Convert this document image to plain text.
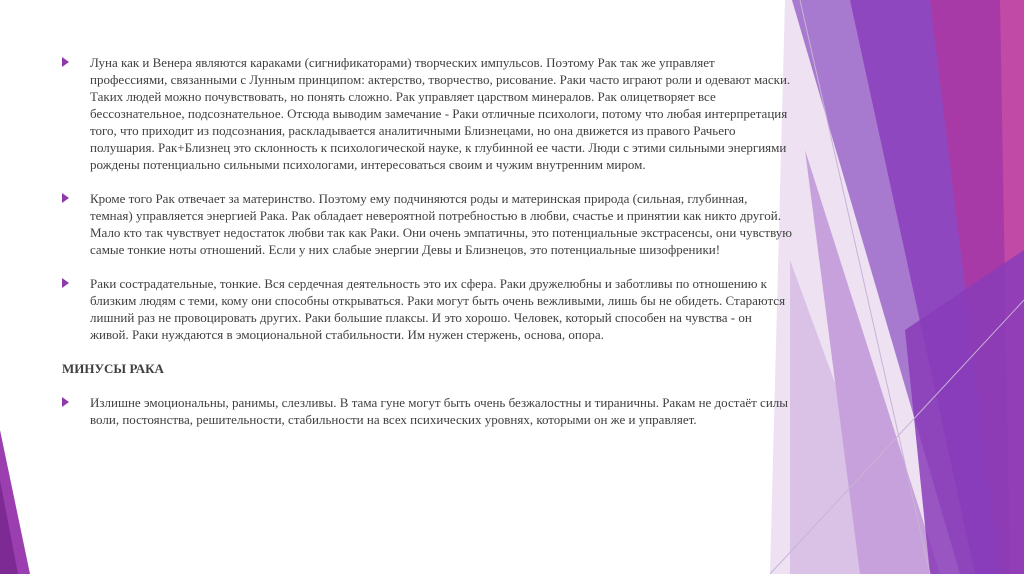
Луна как и Венера являются караками (сигнификаторами) творческих импульсов. Поэтому Рак так же управляет профессиями, связанными с Лунным принципом: актерство, творчество, рисование. Раки часто играют роли и одевают маски. Таких людей можно почувствовать, но понять сложно. Рак управляет царством минералов. Рак олицетворяет все бессознательное, подсознательное. Отсюда выводим замечание - Раки отличные психологи, потому что любая интерпретация того, что приходит из подсознания, раскладывается аналитичными Близнецами, но она движется из правого Рачьего полушария. Рак+Близнец это склонность к психологической науке, к глубинной ее части. Люди с этими сильными энергиями рождены потенциально сильными психологами, интересоваться своим и чужим внутренним миром.
Кроме того Рак отвечает за материнство. Поэтому ему подчиняются роды и материнская природа (сильная, глубинная, темная) управляется энергией Рака. Рак обладает невероятной потребностью в любви, счастье и принятии как никто другой. Мало кто так чувствует недостаток любви так как Раки. Они очень эмпатичны, это потенциальные экстрасенсы, они чувствую самые тонкие ноты отношений. Если у них слабые энергии Девы и Близнецов, это потенциальные шизофреники!
Раки сострадательные, тонкие. Вся сердечная деятельность это их сфера. Раки дружелюбны и заботливы по отношению к близким людям с теми, кому они способны открываться. Раки могут быть очень вежливыми, лишь бы не обидеть. Стараются лишний раз не провоцировать других. Раки большие плаксы. И это хорошо. Человек, который способен на чувства - он живой. Раки нуждаются в эмоциональной стабильности. Им нужен стержень, основа, опора.
МИНУСЫ РАКА
Излишне эмоциональны, ранимы, слезливы. В тама гуне могут быть очень безжалостны и тираничны. Ракам не достаёт силы воли, постоянства, решительности, стабильности на всех психических уровнях, которыми он же и управляет.
